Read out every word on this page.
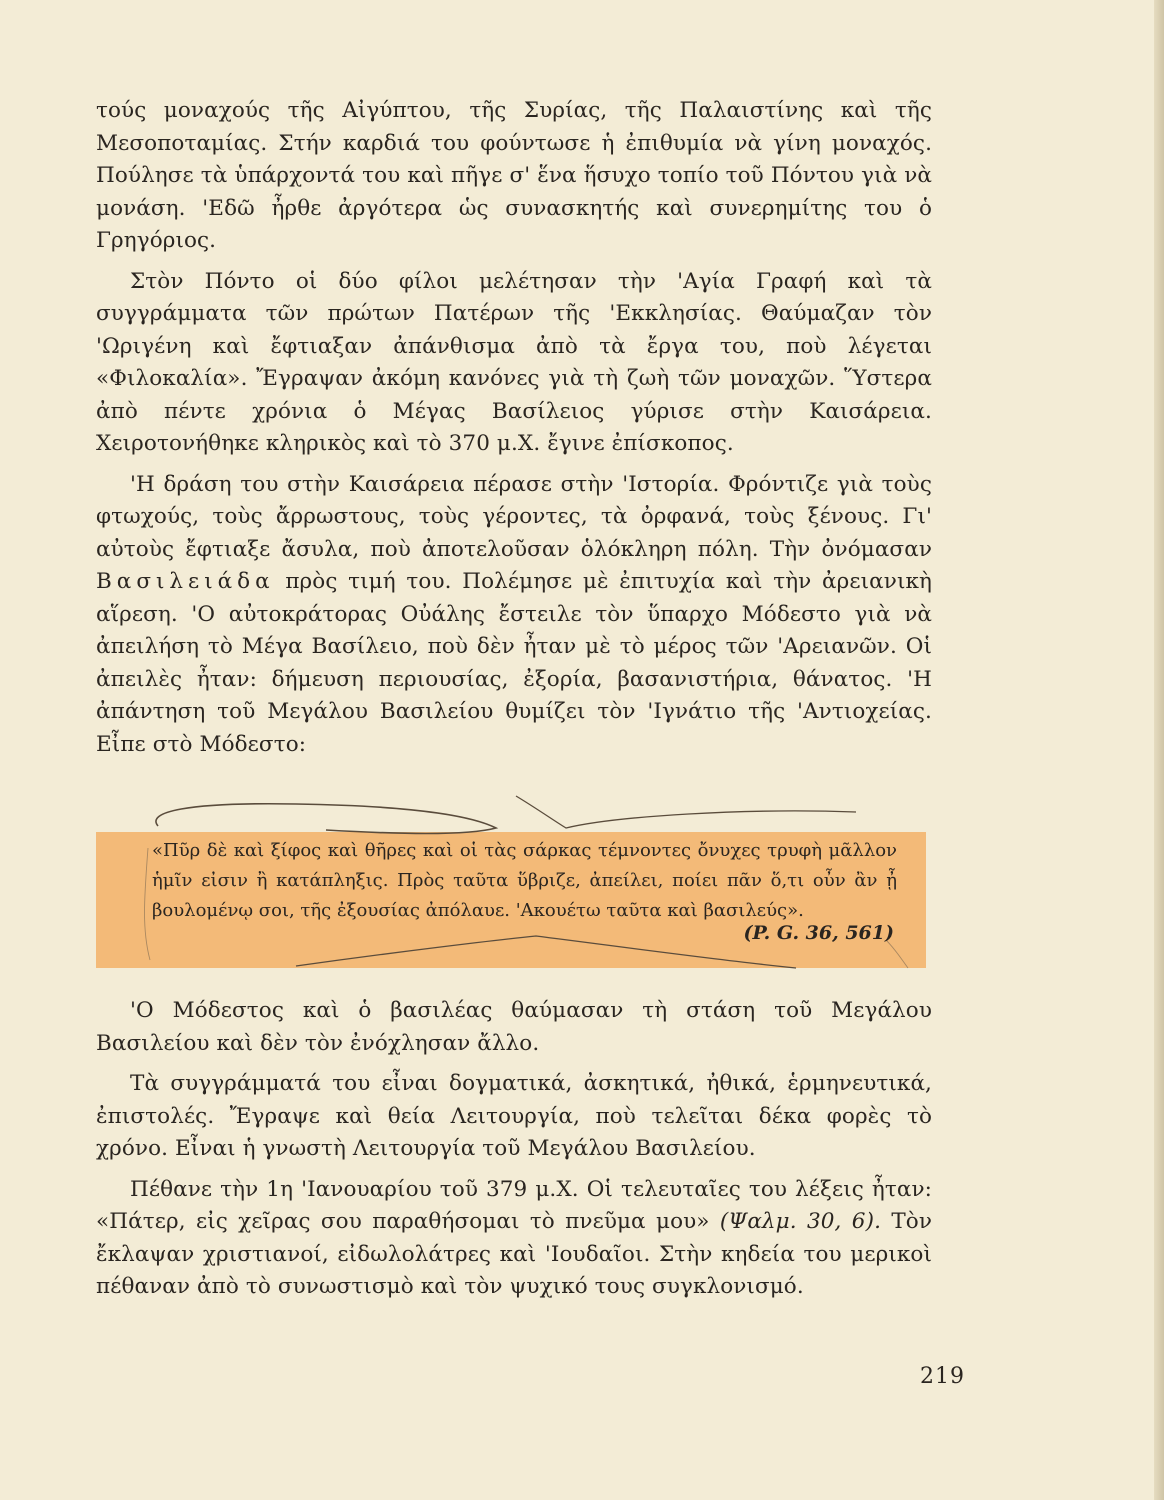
τούς μοναχούς τῆς Αἰγύπτου, τῆς Συρίας, τῆς Παλαιστίνης καὶ τῆς Μεσοποταμίας. Στήν καρδιά του φούντωσε ἡ ἐπιθυμία νὰ γίνη μοναχός. Πούλησε τὰ ὑπάρχοντά του καὶ πῆγε σ' ἕνα ἥσυχο τοπίο τοῦ Πόντου γιὰ νὰ μονάση. 'Εδῶ ἦρθε ἀργότερα ὡς συνασκητής καὶ συνερημίτης του ὁ Γρηγόριος.

Στὸν Πόντο οἱ δύο φίλοι μελέτησαν τὴν 'Αγία Γραφή καὶ τὰ συγγράμματα τῶν πρώτων Πατέρων τῆς 'Εκκλησίας. Θαύμαζαν τὸν 'Ωριγένη καὶ ἔφτιαξαν ἀπάνθισμα ἀπὸ τὰ ἔργα του, ποὺ λέγεται «Φιλοκαλία». Ἔγραψαν ἀκόμη κανόνες γιὰ τὴ ζωὴ τῶν μοναχῶν. Ὕστερα ἀπὸ πέντε χρόνια ὁ Μέγας Βασίλειος γύρισε στὴν Καισάρεια. Χειροτονήθηκε κληρικὸς καὶ τὸ 370 μ.Χ. ἔγινε ἐπίσκοπος.

'Η δράση του στὴν Καισάρεια πέρασε στὴν 'Ιστορία. Φρόντιζε γιὰ τοὺς φτωχούς, τοὺς ἄρρωστους, τοὺς γέροντες, τὰ ὀρφανά, τοὺς ξένους. Γι' αὐτοὺς ἔφτιαξε ἄσυλα, ποὺ ἀποτελοῦσαν ὁλόκληρη πόλη. Τὴν ὀνόμασαν Βασιλειάδα πρὸς τιμή του. Πολέμησε μὲ ἐπιτυχία καὶ τὴν ἀρειανικὴ αἵρεση. 'Ο αὐτοκράτορας Οὐάλης ἔστειλε τὸν ὕπαρχο Μόδεστο γιὰ νὰ ἀπειλήση τὸ Μέγα Βασίλειο, ποὺ δὲν ἦταν μὲ τὸ μέρος τῶν 'Αρειανῶν. Οἱ ἀπειλὲς ἦταν: δήμευση περιουσίας, ἐξορία, βασανιστήρια, θάνατος. 'Η ἀπάντηση τοῦ Μεγάλου Βασιλείου θυμίζει τὸν 'Ιγνάτιο τῆς 'Αντιοχείας. Εἶπε στὸ Μόδεστο:

«Πῦρ δὲ καὶ ξίφος καὶ θῆρες καὶ οἱ τὰς σάρκας τέμνοντες ὄνυχες τρυφὴ μᾶλλον ἡμῖν εἰσιν ἢ κατάπληξις. Πρὸς ταῦτα ὕβριζε, ἀπείλει, ποίει πᾶν ὅ,τι οὖν ἂν ᾖ βουλομένῳ σοι, τῆς ἐξουσίας ἀπόλαυε. 'Ακουέτω ταῦτα καὶ βασιλεύς».

(P. G. 36, 561)

'Ο Μόδεστος καὶ ὁ βασιλέας θαύμασαν τὴ στάση τοῦ Μεγάλου Βασιλείου καὶ δὲν τὸν ἐνόχλησαν ἄλλο.

Τὰ συγγράμματά του εἶναι δογματικά, ἀσκητικά, ἠθικά, ἑρμηνευτικά, ἐπιστολές. Ἔγραψε καὶ θεία Λειτουργία, ποὺ τελεῖται δέκα φορὲς τὸ χρόνο. Εἶναι ἡ γνωστὴ Λειτουργία τοῦ Μεγάλου Βασιλείου.

Πέθανε τὴν 1η 'Ιανουαρίου τοῦ 379 μ.Χ. Οἱ τελευταῖες του λέξεις ἦταν: «Πάτερ, εἰς χεῖρας σου παραθήσομαι τὸ πνεῦμα μου» (Ψαλμ. 30, 6). Τὸν ἔκλαψαν χριστιανοί, εἰδωλολάτρες καὶ 'Ιουδαῖοι. Στὴν κηδεία του μερικοὶ πέθαναν ἀπὸ τὸ συνωστισμὸ καὶ τὸν ψυχικό τους συγκλονισμό.

219
